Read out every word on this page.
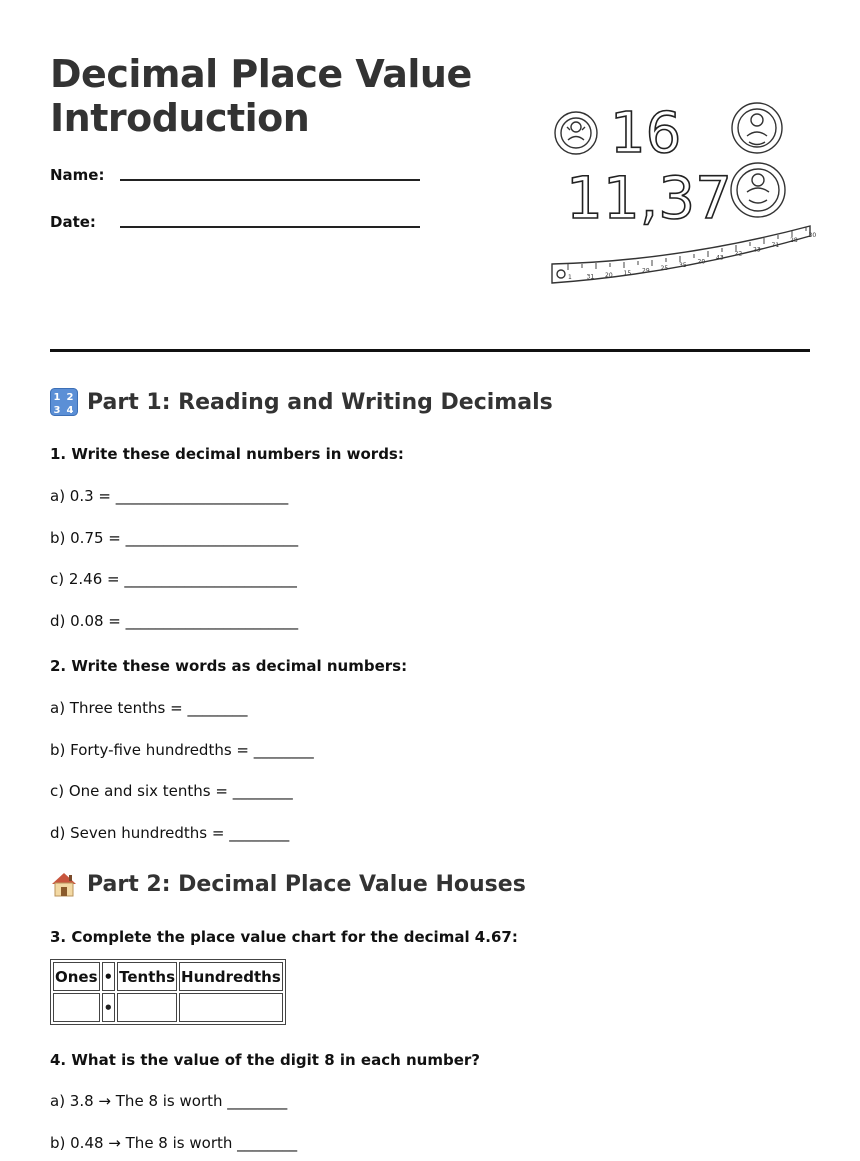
Decimal Place Value
Introduction
Name:
Date:
16
11,37
1 31 20 15 29 25 35 20
43
22
23
71
28
30
1 2
3 4 Part 1: Reading and Writing Decimals
1. Write these decimal numbers in words:
a) 0.3 = _______________________
b) 0.75 = _______________________
c) 2.46 = _______________________
d) 0.08 = _______________________
2. Write these words as decimal numbers:
a) Three tenths = ________
b) Forty-five hundredths = ________
c) One and six tenths = ________
d) Seven hundredths = ________
Part 2: Decimal Place Value Houses
3. Complete the place value chart for the decimal 4.67:
Ones	•	Tenths	Hundredths
	•		
4. What is the value of the digit 8 in each number?
a) 3.8 → The 8 is worth ________
b) 0.48 → The 8 is worth ________
